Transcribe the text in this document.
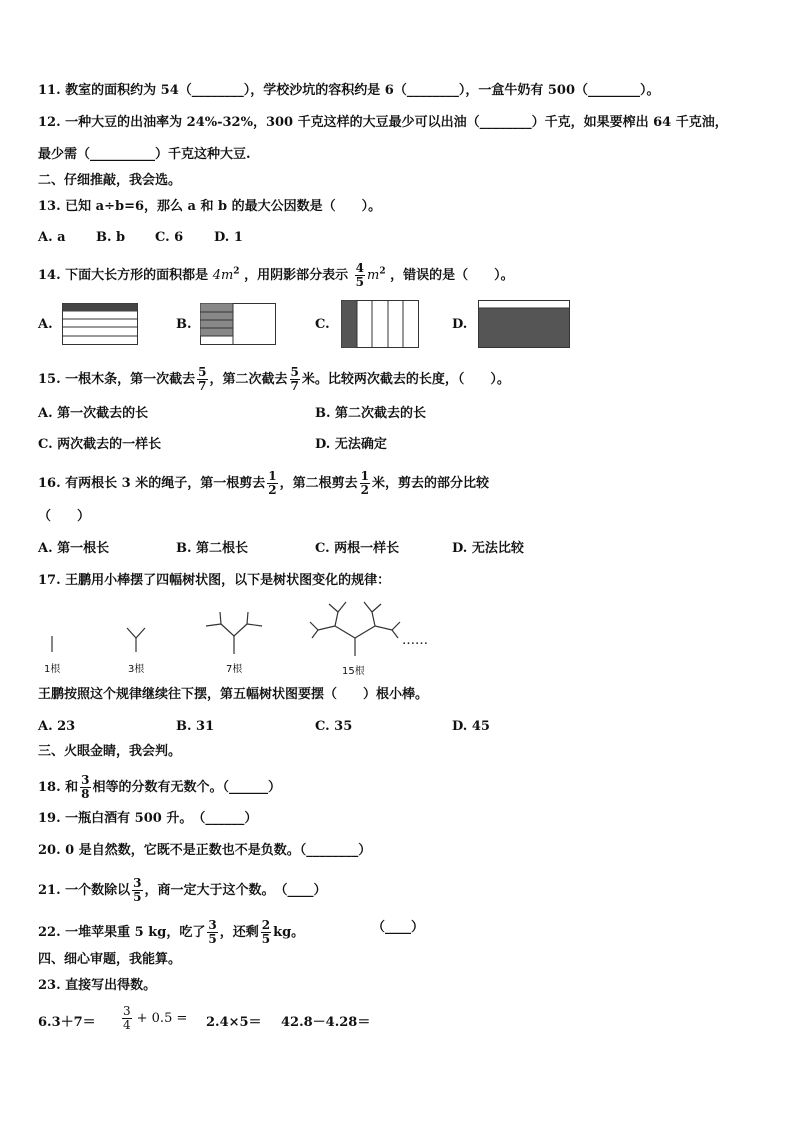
11. 教室的面积约为 54（________），学校沙坑的容积约是 6（________），一盒牛奶有 500（________）。
12. 一种大豆的出油率为 24%-32%，300 千克这样的大豆最少可以出油（________）千克，如果要榨出 64 千克油，
最少需（__________）千克这种大豆.
二、仔细推敲，我会选。
13. 已知 a÷b=6，那么 a 和 b 的最大公因数是（　　）。
A. a B. b C. 6 D. 1
14. 下面大长方形的面积都是 $4m^2$ ，用阴影部分表示 $\frac{4}{5} m^2$ ，错误的是（　　）。
A.	B.	C.	D.
15. 一根木条，第一次截去 $\frac{5}{7}$ ，第二次截去 $\frac{5}{7}$ 米。比较两次截去的长度，（　　）。
A. 第一次截去的长	B. 第二次截去的长
C. 两次截去的一样长	D. 无法确定
16. 有两根长 3 米的绳子，第一根剪去 $\frac{1}{2}$ ，第二根剪去 $\frac{1}{2}$ 米，剪去的部分比较
（　　）
A. 第一根长	B. 第二根长	C. 两根一样长	D. 无法比较
17. 王鹏用小棒摆了四幅树状图，以下是树状图变化的规律：
1根	3根	7根	15根
……
王鹏按照这个规律继续往下摆，第五幅树状图要摆（　　）根小棒。
A. 23	B. 31	C. 35	D. 45
三、火眼金睛，我会判。
18. 和 $\frac{3}{8}$ 相等的分数有无数个。（______）
19. 一瓶白酒有 500 升。　（______）
20. 0 是自然数，它既不是正数也不是负数。（________）
21. 一个数除以 $\frac{3}{5}$ ，商一定大于这个数。　（____）
22. 一堆苹果重 5 kg，吃了 $\frac{3}{5}$ ，还剩 $\frac{2}{5}$ kg。	（____）
四、细心审题，我能算。
23. 直接写出得数。
$6.3+7= \frac{3}{4} + 0.5 = 2.4\times 5= 42.8-4.28=$
